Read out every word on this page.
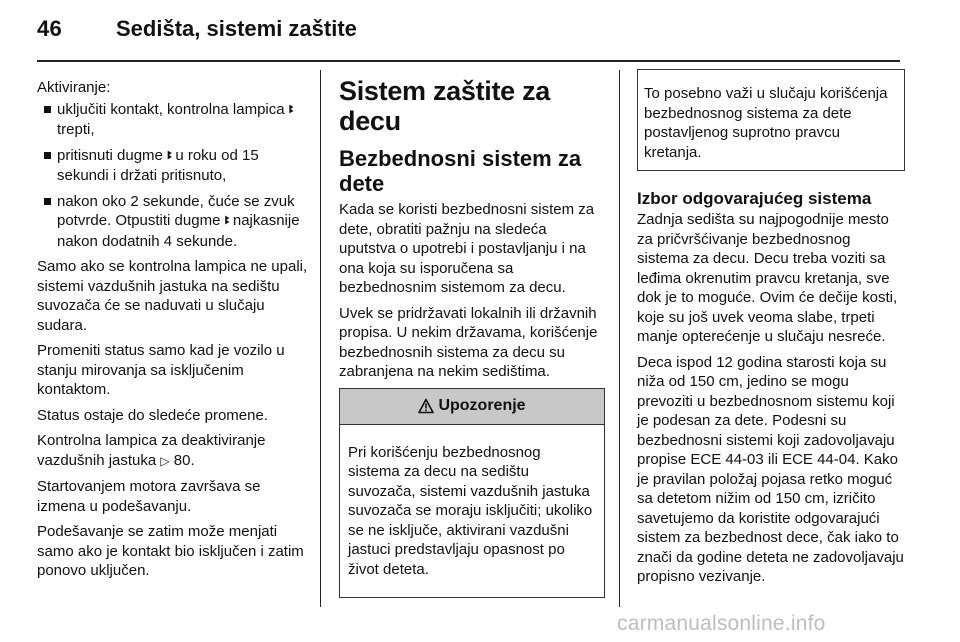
46 Sedišta, sistemi zaštite
Aktiviranje:
uključiti kontakt, kontrolna lampica ꔪ trepti,
pritisnuti dugme ꔪ u roku od 15 sekundi i držati pritisnuto,
nakon oko 2 sekunde, čuće se zvuk potvrde. Otpustiti dugme ꔪ najkasnije nakon dodatnih 4 sekunde.
Samo ako se kontrolna lampica ne upali, sistemi vazdušnih jastuka na sedištu suvozača će se naduvati u slučaju sudara.
Promeniti status samo kad je vozilo u stanju mirovanja sa isključenim kontaktom.
Status ostaje do sledeće promene.
Kontrolna lampica za deaktiviranje vazdušnih jastuka ▷ 80.
Startovanjem motora završava se izmena u podešavanju.
Podešavanje se zatim može menjati samo ako je kontakt bio isključen i zatim ponovo uključen.
Sistem zaštite za decu
Bezbednosni sistem za dete
Kada se koristi bezbednosni sistem za dete, obratiti pažnju na sledeća uputstva o upotrebi i postavljanju i na ona koja su isporučena sa bezbednosnim sistemom za decu.
Uvek se pridržavati lokalnih ili državnih propisa. U nekim državama, korišćenje bezbednosnih sistema za decu su zabranjena na nekim sedištima.
Upozorenje
Pri korišćenju bezbednosnog sistema za decu na sedištu suvozača, sistemi vazdušnih jastuka suvozača se moraju isključiti; ukoliko se ne isključe, aktivirani vazdušni jastuci predstavljaju opasnost po život deteta.
To posebno važi u slučaju korišćenja bezbednosnog sistema za dete postavljenog suprotno pravcu kretanja.
Izbor odgovarajućeg sistema
Zadnja sedišta su najpogodnije mesto za pričvršćivanje bezbednosnog sistema za decu. Decu treba voziti sa leđima okrenutim pravcu kretanja, sve dok je to moguće. Ovim će dečije kosti, koje su još uvek veoma slabe, trpeti manje opterećenje u slučaju nesreće.
Deca ispod 12 godina starosti koja su niža od 150 cm, jedino se mogu prevoziti u bezbednosnom sistemu koji je podesan za dete. Podesni su bezbednosni sistemi koji zadovoljavaju propise ECE 44-03 ili ECE 44-04. Kako je pravilan položaj pojasa retko moguć sa detetom nižim od 150 cm, izričito savetujemo da koristite odgovarajući sistem za bezbednost dece, čak iako to znači da godine deteta ne zadovoljavaju propisno vezivanje.
carmanualsonline.info
